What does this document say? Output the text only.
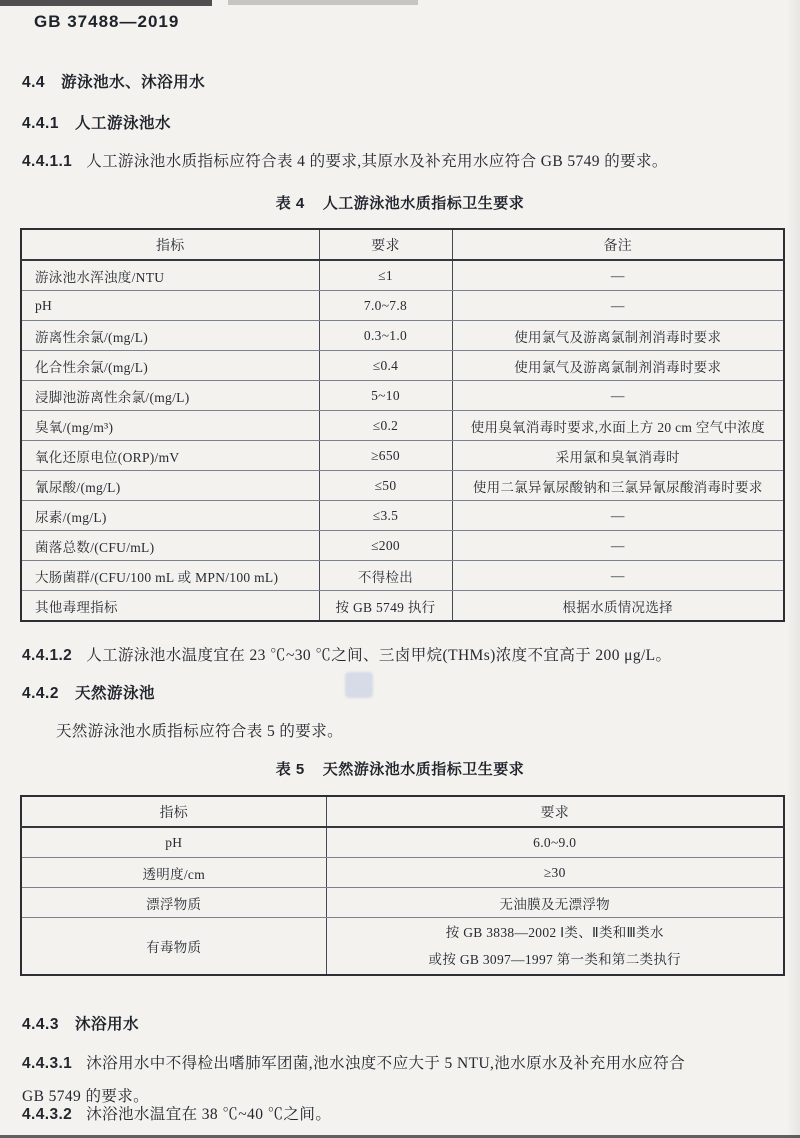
GB 37488—2019
4.4 游泳池水、沐浴用水
4.4.1 人工游泳池水
4.4.1.1 人工游泳池水质指标应符合表 4 的要求,其原水及补充用水应符合 GB 5749 的要求。
表 4 人工游泳池水质指标卫生要求
指标	要求	备注
游泳池水浑浊度/NTU	≤1	—
pH	7.0~7.8	—
游离性余氯/(mg/L)	0.3~1.0	使用氯气及游离氯制剂消毒时要求
化合性余氯/(mg/L)	≤0.4	使用氯气及游离氯制剂消毒时要求
浸脚池游离性余氯/(mg/L)	5~10	—
臭氧/(mg/m³)	≤0.2	使用臭氧消毒时要求,水面上方 20 cm 空气中浓度
氧化还原电位(ORP)/mV	≥650	采用氯和臭氧消毒时
氰尿酸/(mg/L)	≤50	使用二氯异氰尿酸钠和三氯异氰尿酸消毒时要求
尿素/(mg/L)	≤3.5	—
菌落总数/(CFU/mL)	≤200	—
大肠菌群/(CFU/100 mL 或 MPN/100 mL)	不得检出	—
其他毒理指标	按 GB 5749 执行	根据水质情况选择
4.4.1.2 人工游泳池水温度宜在 23 ℃~30 ℃之间、三卤甲烷(THMs)浓度不宜高于 200 μg/L。
4.4.2 天然游泳池
天然游泳池水质指标应符合表 5 的要求。
表 5 天然游泳池水质指标卫生要求
指标	要求
pH	6.0~9.0
透明度/cm	≥30
漂浮物质	无油膜及无漂浮物
有毒物质	按 GB 3838—2002 Ⅰ类、Ⅱ类和Ⅲ类水
或按 GB 3097—1997 第一类和第二类执行
4.4.3 沐浴用水
4.4.3.1 沐浴用水中不得检出嗜肺军团菌,池水浊度不应大于 5 NTU,池水原水及补充用水应符合
GB 5749 的要求。
4.4.3.2 沐浴池水温宜在 38 ℃~40 ℃之间。
